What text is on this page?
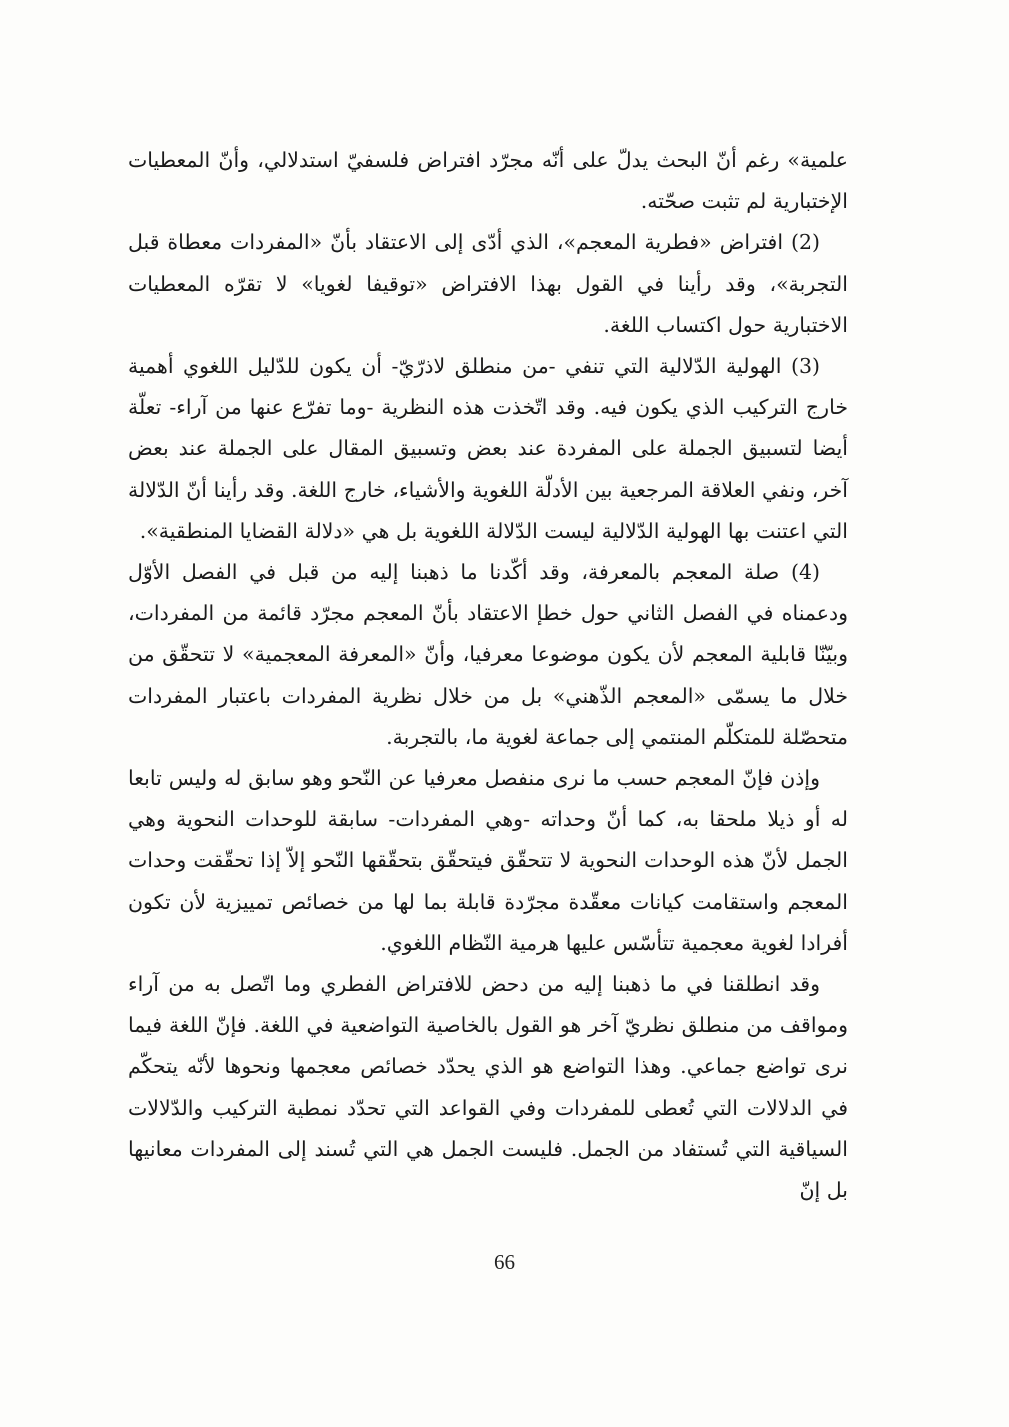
علمية» رغم أنّ البحث يدلّ على أنّه مجرّد افتراض فلسفيّ استدلالي، وأنّ المعطيات الإختبارية لم تثبت صحّته.

(2) افتراض «فطرية المعجم»، الذي أدّى إلى الاعتقاد بأنّ «المفردات معطاة قبل التجربة»، وقد رأينا في القول بهذا الافتراض «توقيفا لغويا» لا تقرّه المعطيات الاختبارية حول اكتساب اللغة.

(3) الهولية الدّلالية التي تنفي -من منطلق لاذرّيّ- أن يكون للدّليل اللغوي أهمية خارج التركيب الذي يكون فيه. وقد اتّخذت هذه النظرية -وما تفرّع عنها من آراء- تعلّة أيضا لتسبيق الجملة على المفردة عند بعض وتسبيق المقال على الجملة عند بعض آخر، ونفي العلاقة المرجعية بين الأدلّة اللغوية والأشياء، خارج اللغة. وقد رأينا أنّ الدّلالة التي اعتنت بها الهولية الدّلالية ليست الدّلالة اللغوية بل هي «دلالة القضايا المنطقية».

(4) صلة المعجم بالمعرفة، وقد أكّدنا ما ذهبنا إليه من قبل في الفصل الأوّل ودعمناه في الفصل الثاني حول خطإ الاعتقاد بأنّ المعجم مجرّد قائمة من المفردات، وبيّنّا قابلية المعجم لأن يكون موضوعا معرفيا، وأنّ «المعرفة المعجمية» لا تتحقّق من خلال ما يسمّى «المعجم الذّهني» بل من خلال نظرية المفردات باعتبار المفردات متحصّلة للمتكلّم المنتمي إلى جماعة لغوية ما، بالتجربة.

وإذن فإنّ المعجم حسب ما نرى منفصل معرفيا عن النّحو وهو سابق له وليس تابعا له أو ذيلا ملحقا به، كما أنّ وحداته -وهي المفردات- سابقة للوحدات النحوية وهي الجمل لأنّ هذه الوحدات النحوية لا تتحقّق فيتحقّق بتحقّقها النّحو إلاّ إذا تحقّقت وحدات المعجم واستقامت كيانات معقّدة مجرّدة قابلة بما لها من خصائص تمييزية لأن تكون أفرادا لغوية معجمية تتأسّس عليها هرمية النّظام اللغوي.

وقد انطلقنا في ما ذهبنا إليه من دحض للافتراض الفطري وما اتّصل به من آراء ومواقف من منطلق نظريّ آخر هو القول بالخاصية التواضعية في اللغة. فإنّ اللغة فيما نرى تواضع جماعي. وهذا التواضع هو الذي يحدّد خصائص معجمها ونحوها لأنّه يتحكّم في الدلالات التي تُعطى للمفردات وفي القواعد التي تحدّد نمطية التركيب والدّلالات السياقية التي تُستفاد من الجمل. فليست الجمل هي التي تُسند إلى المفردات معانيها بل إنّ

66
